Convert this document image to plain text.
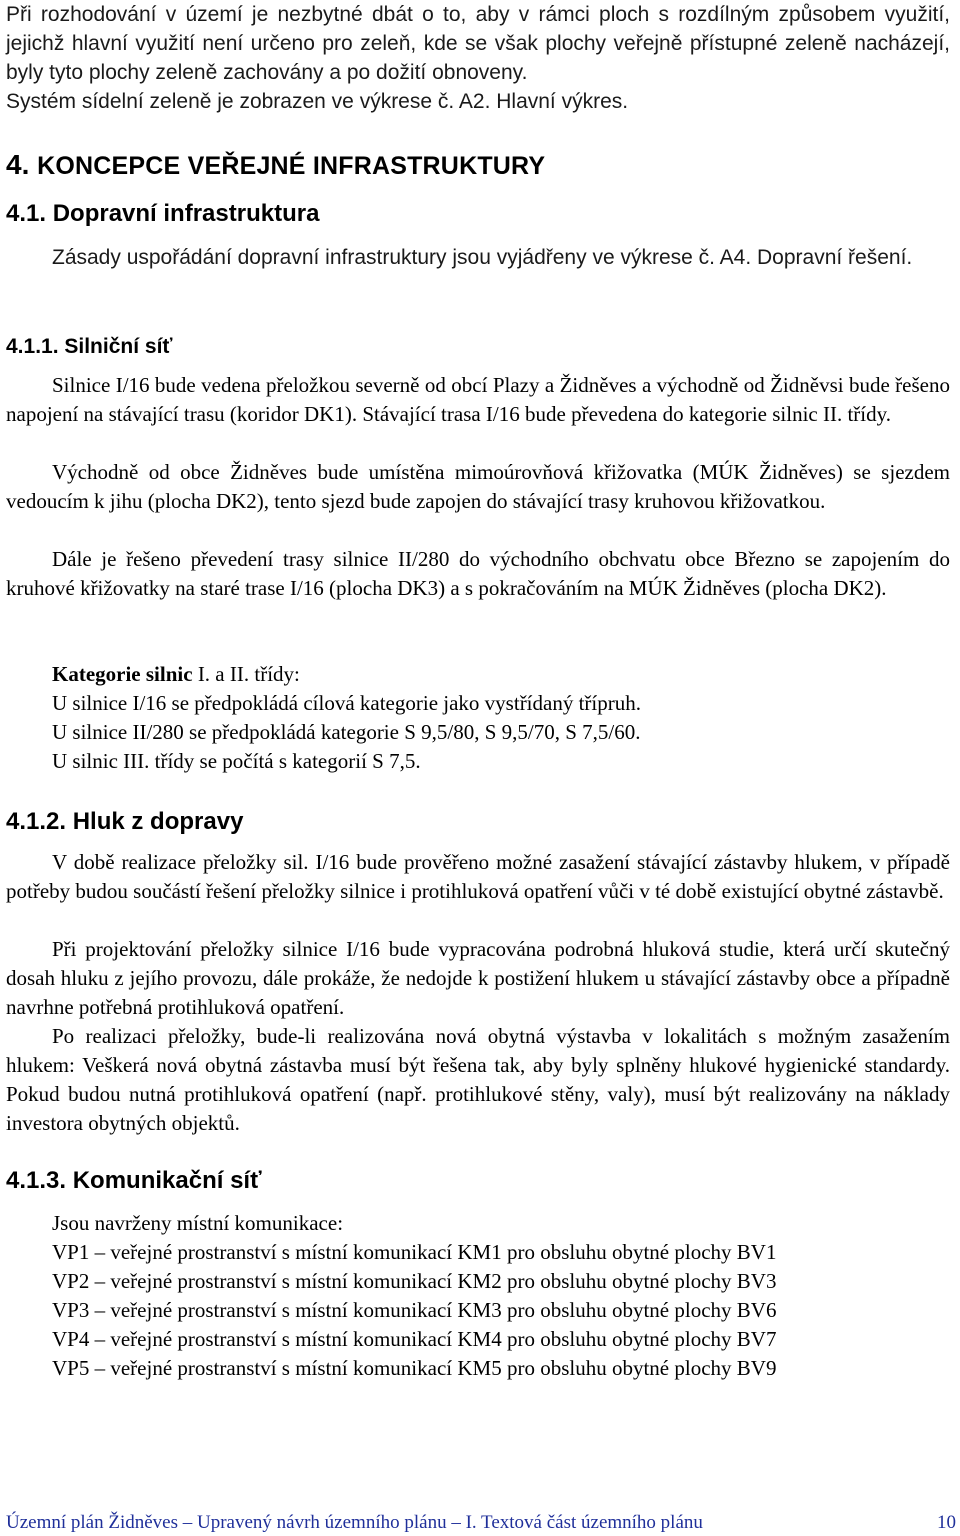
Při rozhodování v území je nezbytné dbát o to, aby v rámci ploch s rozdílným způsobem využití, jejichž hlavní využití není určeno pro zeleň, kde se však plochy veřejně přístupné zeleně nacházejí, byly tyto plochy zeleně zachovány a po dožití obnoveny.

Systém sídelní zeleně je zobrazen ve výkrese č. A2. Hlavní výkres.

4. KONCEPCE VEŘEJNÉ INFRASTRUKTURY
4.1. Dopravní infrastruktura

Zásady uspořádání dopravní infrastruktury jsou vyjádřeny ve výkrese č. A4. Dopravní řešení.

4.1.1. Silniční síť

Silnice I/16 bude vedena přeložkou severně od obcí Plazy a Židněves a východně od Židněvsi bude řešeno napojení na stávající trasu (koridor DK1). Stávající trasa I/16 bude převedena do kategorie silnic II. třídy.

Východně od obce Židněves bude umístěna mimoúrovňová křižovatka (MÚK Židněves) se sjezdem vedoucím k jihu (plocha DK2), tento sjezd bude zapojen do stávající trasy kruhovou křižovatkou.

Dále je řešeno převedení trasy silnice II/280 do východního obchvatu obce Březno se zapojením do kruhové křižovatky na staré trase I/16 (plocha DK3) a s pokračováním na MÚK Židněves (plocha DK2).

Kategorie silnic I. a II. třídy:
U silnice I/16 se předpokládá cílová kategorie jako vystřídaný třípruh.
U silnice II/280 se předpokládá kategorie S 9,5/80, S 9,5/70, S 7,5/60.
U silnic III. třídy se počítá s kategorií S 7,5.
4.1.2. Hluk z dopravy

V době realizace přeložky sil. I/16 bude prověřeno možné zasažení stávající zástavby hlukem, v případě potřeby budou součástí řešení přeložky silnice i protihluková opatření vůči v té době existující obytné zástavbě.

Při projektování přeložky silnice I/16 bude vypracována podrobná hluková studie, která určí skutečný dosah hluku z jejího provozu, dále prokáže, že nedojde k postižení hlukem u stávající zástavby obce a případně navrhne potřebná protihluková opatření.

Po realizaci přeložky, bude-li realizována nová obytná výstavba v lokalitách s možným zasažením hlukem: Veškerá nová obytná zástavba musí být řešena tak, aby byly splněny hlukové hygienické standardy. Pokud budou nutná protihluková opatření (např. protihlukové stěny, valy), musí být realizovány na náklady investora obytných objektů.

4.1.3. Komunikační síť
Jsou navrženy místní komunikace:
VP1 – veřejné prostranství s místní komunikací KM1 pro obsluhu obytné plochy BV1
VP2 – veřejné prostranství s místní komunikací KM2 pro obsluhu obytné plochy BV3
VP3 – veřejné prostranství s místní komunikací KM3 pro obsluhu obytné plochy BV6
VP4 – veřejné prostranství s místní komunikací KM4 pro obsluhu obytné plochy BV7
VP5 – veřejné prostranství s místní komunikací KM5 pro obsluhu obytné plochy BV9
Územní plán Židněves – Upravený návrh územního plánu – I. Textová část územního plánu	10
